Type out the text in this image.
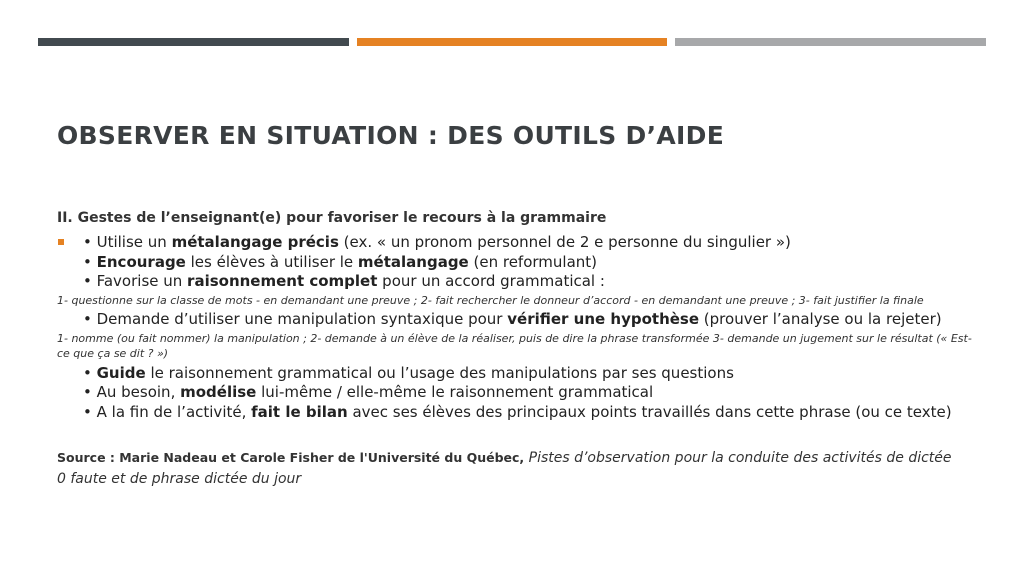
OBSERVER EN SITUATION : DES OUTILS D’AIDE

II. Gestes de l’enseignant(e) pour favoriser le recours à la grammaire

• Utilise un métalangage précis (ex. « un pronom personnel de 2 e personne du singulier »)
• Encourage les élèves à utiliser le métalangage (en reformulant)
• Favorise un raisonnement complet pour un accord grammatical :
1- questionne sur la classe de mots - en demandant une preuve ; 2- fait rechercher le donneur d’accord - en demandant une preuve ; 3- fait justifier la finale
• Demande d’utiliser une manipulation syntaxique pour vérifier une hypothèse (prouver l’analyse ou la rejeter)
1- nomme (ou fait nommer) la manipulation ; 2- demande à un élève de la réaliser, puis de dire la phrase transformée 3- demande un jugement sur le résultat (« Est-ce que ça se dit ? »)
• Guide le raisonnement grammatical ou l’usage des manipulations par ses questions
• Au besoin, modélise lui-même / elle-même le raisonnement grammatical
• A la fin de l’activité, fait le bilan avec ses élèves des principaux points travaillés dans cette phrase (ou ce texte)
Source : Marie Nadeau et Carole Fisher de l'Université du Québec, Pistes d’observation pour la conduite des activités de dictée 0 faute et de phrase dictée du jour
